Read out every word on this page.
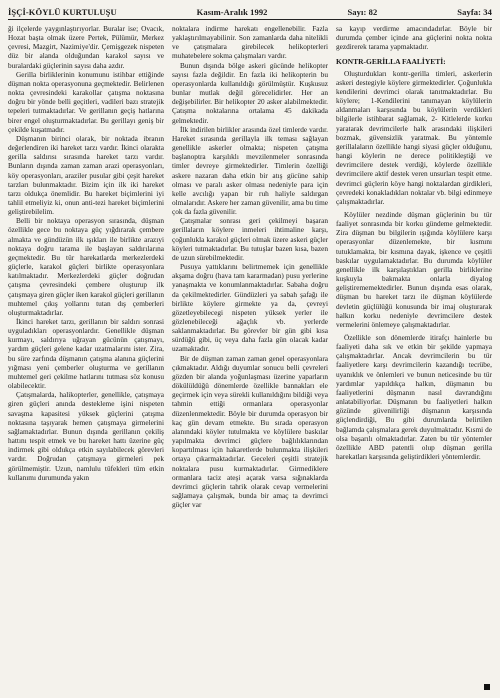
İŞÇİ-KÖYLÜ KURTULUŞU	Kasım-Aralık 1992	Sayı: 82	Sayfa: 34

ği ilçelerde yaygınlaştırıyorlar. Buralar ise; Ovacık, Hozat başta olmak üzere Pertek, Pülümür, Merkez çevresi, Mazgirt, Nazimiye'dir. Çemişgezek nispeten düz bir alanda olduğundan karakol sayısı ve buralardaki güçlerinin sayısı daha azdır.

Gerilla birliklerinin konumunu istihbar ettiğinde düşman nokta operasyonuna geçmektedir. Belirlenen nokta çevresindeki karakollar çatışma noktasına doğru bir yönde belli geçitleri, vadileri bazı stratejik tepeleri tutmaktadırlar. Ve gerillanın geçiş hatlarına birer engel oluşturmaktadırlar. Bu gerillayı geniş bir çekilde kuşatmadır.

Düşmanın birinci olarak, bir noktada ibranın değerlendiren iki hareket tarzı vardır. İkinci olarakta gerilla saldırısı sırasında hareket tarzı vardır. Bunların dışında zaman zaman arazi operasyonları, köy operasyonları, araziler pusular gibi çeşit hareket tarzları bulunmaktadır. Bizim için ilk iki hareket tarzı oldukça önemlidir. Bu hareket biçimlerini iyi tahlil etmeliyiz ki, onun anti-tezi hareket biçimlerini geliştirebilelim.

Belli bir noktaya operasyon sırasında, düşman özellikle gece bu noktaya güç yığdırarak çembere almakta ve gündüzün ilk ışıkları ile birlikte arazıyi noktaya doğru tarama ile başlayan saldırılarına geçmektedir. Bu tür harekatlarda merkezlerdeki güçlerle, karakol güçleri birlikte operasyonlara katılmaktadır. Merkezlerdeki güçler doğrudan çatışma çevresindeki çembere oluşturup ilk çatışmaya giren güçler iken karakol güçleri gerillanın muhtemel çıkış yollarını tutan dış çemberleri oluşturmaktadırlar.

İkinci hareket tarzı, gerillanın bir saldırı sonrasi uyguladıkları operasyonlardır. Genellikle düşman kurmayı, saldırıya uğrayan gücünün çatışmayı, yardım güçleri gelene kadar uzatmalarını ister. Zira, bu süre zarfında düşmanın çatışma alanına güçlerini yığması yeni çemberler oluşturma ve gerillanın muhtemel geri çekilme hatlarını tutması söz konusu olabilecektir.

Çatışmalarda, halikopterler, genellikle, çatışmaya giren güçleri anında destekleme işini nispeten savaşma kapasitesi yüksek güçlerini çatışma noktasına taşıyarak hemen çatışmaya girmelerini sağlamaktadırlar. Bunun dışında gerillanın çekiliş hattını tespit etmek ve bu hareket hattı üzerine güç indirmek gibi oldukça etkin sayılabilecek görevleri vardır. Doğrudan çatışmaya girmeleri pek görülmemiştir. Uzun, namlulu tüfekleri tüm etkin kullanımı durumunda yakın

noktalara indirme harekatı engellenebilir. Fazla yaklaştırılmayabilinir. Son zamanlarda daha nitelikli ve çatışmalara girebilecek helikopterleri muhatebelere sokma çalışmaları vardır.

Bunun dışında bölge askeri gücünde helikopter sayısı fazla değildir. En fazla iki helikopterin bu operasyonlarda kullanıldığı görülmüştür. Kuşkusuz bunlar mutlak değil görecelidirler. Her an değişebilirler. Bir helikopter 20 asker alabilmektedir. Çatışma noktalarına ortalama 45 dakikada gelmektedir.

İlk indirilen birlikler arasında özel timlerde vardır. Hareket sırasında gerillayla ilk teması sağlayan genellikle askerler olmakta; nispeten çatışma başlanoptra karşılıklı mevzilenmeler sonrasında timler devreye girmektedirler. Timlerin özelliği askere nazaran daha etkin bir atış gücüne sahip olması ve paralı asker olması nedeniyle para için kelle avcılığı yapan bir ruh haliyle saldırgan olmalarıdır. Askere her zaman güvenilir, ama bu time çok da fazla güvenilir.

Çatışmalar sonrası geri çekilmeyi başaran gerillaların köylere inmeleri ihtimaline karşı, çoğunlukla karakol güçleri olmak üzere askeri güçler köyleri tutmaktadırlar. Bu tutuşlar bazen kısa, bazen de uzun sürebilmektedir.

Pusuya yattıklarını belirtmemek için genellikle akşama doğru (hava tam kararmadan) pusu yerlerine yanaşmakta ve konumlanmaktadırlar. Sabaha doğru da çekilmektedirler. Gündüzleri ya sabah şafağı ile birlikte köylere girmekte ya da, çevreyi gözetleyebilecegi nispeten yüksek yerler ile gözlenebileceği ağaçlık vb. yerlerde saklanmaktadırlar. Bu görevler bir gün gibi kısa sürdüğü gibi, üç veya daha fazla gün olacak kadar uzamaktadır.

Bir de düşman zaman zaman genel operasyonlara çıkmaktadır. Aldığı duyumlar sonucu belli çevreleri gözden bir alanda yoğunlaşması üzerine yaparların dökülüldüğü dönemlerde özellikle bannakları ele geçirmek için veya sürekli kullanıldığını bildiği veya tahmin ettiği ormanlara operasyonlar düzenlenmektedir. Böyle bir durumda operasyon bir kaç gün devam etmekte. Bu sırada operasyon alanındaki köyler tutulmakta ve köylülere baskılar yapılmakta devrimci güçlere bağlılıklarından kopartılması için hakaretlerde bulunmakta ilişkileri ortaya çıkarmaktadırlar. Geceleri çeşitli stratejik noktalara pusu kurmaktadırlar. Girmediklere ormanlara taciz ateşi açarak varsa sığınaklarda devrimci güçlerin tahrik olarak cevap vermelerini sağlamaya çalışmak, bunda bir amaç ta devrimci güçler var

sa kayıp verdirme amacındadırlar. Böyle bir durumda çember içinde ana güçlerini nokta nokta gezdirerek tarama yapmaktadır.

KONTR-GERİLLA FAALİYETİ:

Oluşturdukları kontr-gerilla timleri, askerlerin askeri destegiyle köylere girmektedirler. Çoğunlukla kendilerini devrimci olarak tanıtmaktadırlar. Bu köylere; 1-Kendilerini tanımayan köylülerin aldanmaları karşısında bu köylülerin verdikleri bilgilerle istihbarat sağlamak, 2- Kitlelerde korku yaratarak devrimcilerle halk arasındaki ilişkileri bozmak, güvensizlik yaratmak. Bu yöntemle gerillalaların özellikle hangi siyasi güçler olduğunu, hangi köylerin ne derece politikleştiği ve devrimcilere destek verdiği, köylerde özellikle devrimcilere aktif destek veren unsurları tespit etme. devrimci güçlerin köye hangi noktalardan girdikleri, çevredeki konakladıkları noktalar vb. bilgi edinmeye çalışmaktadırlar.

Köylüler nezdinde düşman güçlerinin bu tür faaliyet sonrasında bir korku gündeme gelmektedir. Zira düşman bu bilgilerin ışığında köylülere karşı operasyonlar düzenlemekte, bir kısmını tutuklamakta, bir kısmına dayak, işkence ve çeşitli baskılar uygulamaktadırlar. Bu durumda köylüler genellikle ilk karşılaştıkları gerilla birliklerine kuşkuyla bakmakta onlarla diyalog geliştirememektedirler. Bunun dışında esas olarak, düşman bu hareket tarzı ile düşman köylülerde devletin güçlülüğü konusunda bir imaj oluşturarak halkın korku nedeniyle devrimcilere destek vermelerini önlemeye çalışmaktadırlar.

Özellikle son dönemlerde itirafçı hainlerle bu faaliyeti daha sık ve etkin bir şekilde yapmaya çalışmaktadırlar. Ancak devrimcilerin bu tür faaliyetlere karşı devrimcilerin kazandığı tecrübe, uyanıklık ve önlemleri ve bunun neticesinde bu tür yardımlar yapıldıkça halkın, düşmanın bu faaliyetlerini düşmanın nasıl davrandığını anlatabiliyorlar. Düşmanın bu faaliyetleri halkın gözünde güvenilirliği düşmanın karşısında güçlendirdiği, Bu gibi durumlarda belirtilen bağlamda çalışmalara gerek duyulmaktadır. Kısmi de olsa başarılı olmaktadırlar. Zaten bu tür yöntemler özellikle ABD patentli olup düşman gerilla harekatları karşısında geliştirdikleri yöntemlerdir.
